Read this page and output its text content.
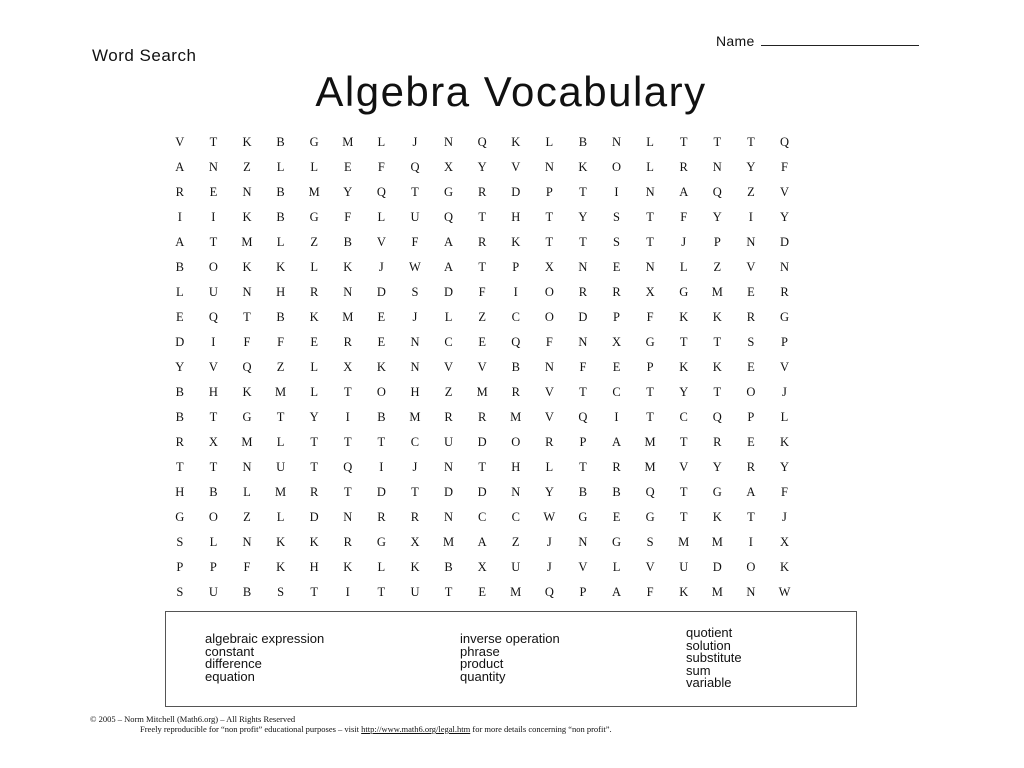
Name
Word Search
Algebra Vocabulary
V	T	K	B	G	M	L	J	N	Q	K	L	B	N	L	T	T	T	Q
A	N	Z	L	L	E	F	Q	X	Y	V	N	K	O	L	R	N	Y	F
R	E	N	B	M	Y	Q	T	G	R	D	P	T	I	N	A	Q	Z	V
I	I	K	B	G	F	L	U	Q	T	H	T	Y	S	T	F	Y	I	Y
A	T	M	L	Z	B	V	F	A	R	K	T	T	S	T	J	P	N	D
B	O	K	K	L	K	J	W	A	T	P	X	N	E	N	L	Z	V	N
L	U	N	H	R	N	D	S	D	F	I	O	R	R	X	G	M	E	R
E	Q	T	B	K	M	E	J	L	Z	C	O	D	P	F	K	K	R	G
D	I	F	F	E	R	E	N	C	E	Q	F	N	X	G	T	T	S	P
Y	V	Q	Z	L	X	K	N	V	V	B	N	F	E	P	K	K	E	V
B	H	K	M	L	T	O	H	Z	M	R	V	T	C	T	Y	T	O	J
B	T	G	T	Y	I	B	M	R	R	M	V	Q	I	T	C	Q	P	L
R	X	M	L	T	T	T	C	U	D	O	R	P	A	M	T	R	E	K
T	T	N	U	T	Q	I	J	N	T	H	L	T	R	M	V	Y	R	Y
H	B	L	M	R	T	D	T	D	D	N	Y	B	B	Q	T	G	A	F
G	O	Z	L	D	N	R	R	N	C	C	W	G	E	G	T	K	T	J
S	L	N	K	K	R	G	X	M	A	Z	J	N	G	S	M	M	I	X
P	P	F	K	H	K	L	K	B	X	U	J	V	L	V	U	D	O	K
S	U	B	S	T	I	T	U	T	E	M	Q	P	A	F	K	M	N	W
algebraic expression
constant
difference
equation
inverse operation
phrase
product
quantity
quotient
solution
substitute
sum
variable
© 2005 – Norm Mitchell (Math6.org) – All Rights Reserved
Freely reproducible for “non profit” educational purposes – visit http://www.math6.org/legal.htm for more details concerning “non profit”.
